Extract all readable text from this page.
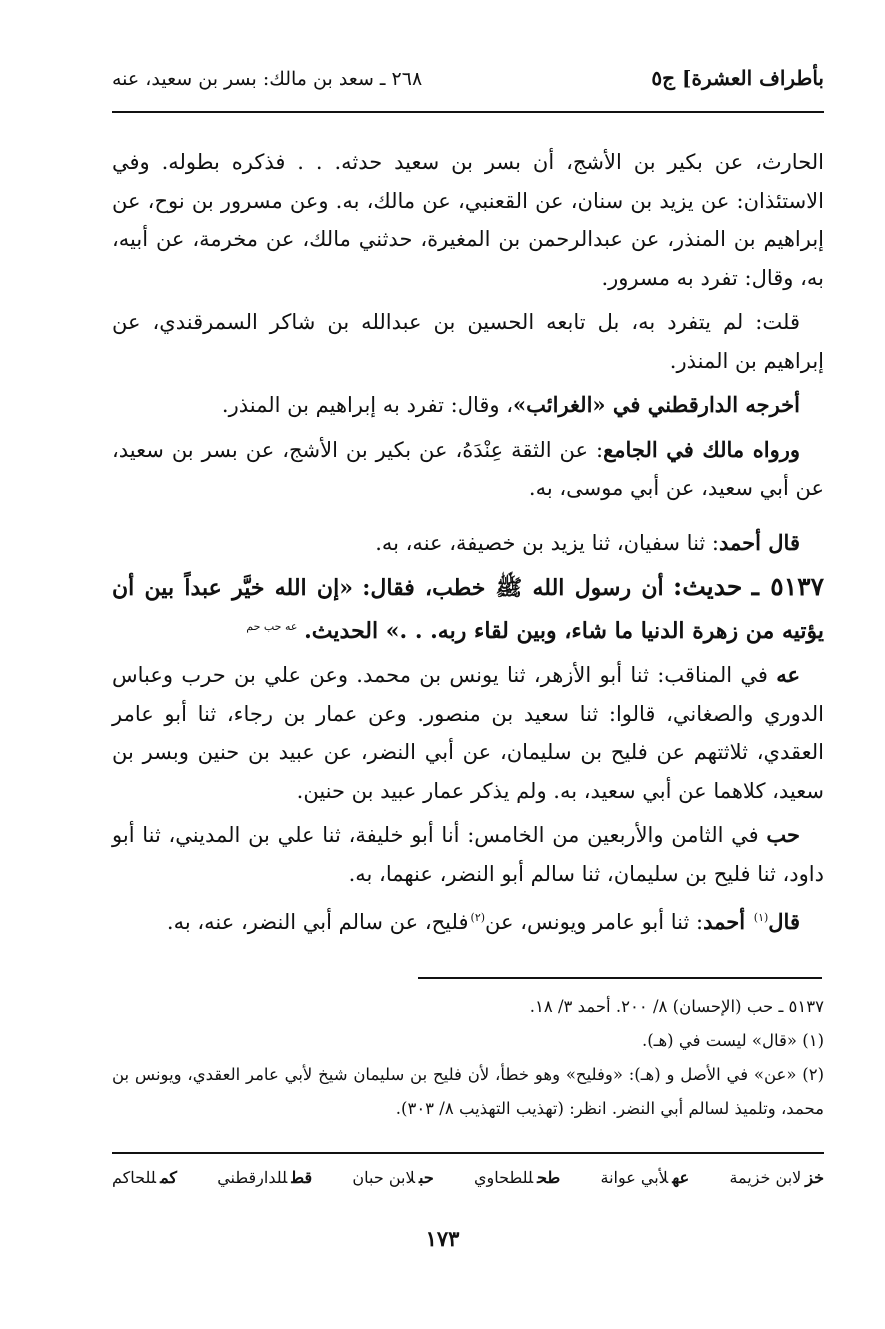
بأطراف العشرة] ج٥
٢٦٨ ـ سعد بن مالك: بسر بن سعيد، عنه

الحارث، عن بكير بن الأشج، أن بسر بن سعيد حدثه. . . فذكره بطوله. وفي الاستئذان: عن يزيد بن سنان، عن القعنبي، عن مالك، به. وعن مسرور بن نوح، عن إبراهيم بن المنذر، عن عبدالرحمن بن المغيرة، حدثني مالك، عن مخرمة، عن أبيه، به، وقال: تفرد به مسرور.

قلت: لم يتفرد به، بل تابعه الحسين بن عبدالله بن شاكر السمرقندي، عن إبراهيم بن المنذر.

أخرجه الدارقطني في «الغرائب»، وقال: تفرد به إبراهيم بن المنذر.

ورواه مالك في الجامع: عن الثقة عِنْدَهُ، عن بكير بن الأشج، عن بسر بن سعيد، عن أبي سعيد، عن أبي موسى، به.

قال أحمد: ثنا سفيان، ثنا يزيد بن خصيفة، عنه، به.

٥١٣٧ ـ حديث: أن رسول الله ﷺ خطب، فقال: «إن الله خيَّر عبداً بين أن يؤتيه من زهرة الدنيا ما شاء، وبين لقاء ربه. . .» الحديث. $^{عه حب حم}$

عه في المناقب: ثنا أبو الأزهر، ثنا يونس بن محمد. وعن علي بن حرب وعباس الدوري والصغاني، قالوا: ثنا سعيد بن منصور. وعن عمار بن رجاء، ثنا أبو عامر العقدي، ثلاثتهم عن فليح بن سليمان، عن أبي النضر، عن عبيد بن حنين وبسر بن سعيد، كلاهما عن أبي سعيد، به. ولم يذكر عمار عبيد بن حنين.

حب في الثامن والأربعين من الخامس: أنا أبو خليفة، ثنا علي بن المديني، ثنا أبو داود، ثنا فليح بن سليمان، ثنا سالم أبو النضر، عنهما، به.

قال$^{(١)}$ أحمد: ثنا أبو عامر ويونس، عن$^{(٢)}$فليح، عن سالم أبي النضر، عنه، به.

٥١٣٧ ـ حب (الإحسان) ٨/ ٢٠٠. أحمد ٣/ ١٨.

(١) «قال» ليست في (هـ).

(٢) «عن» في الأصل و (هـ): «وفليح» وهو خطأ، لأن فليح بن سليمان شيخ لأبي عامر العقدي، ويونس بن محمد، وتلميذ لسالم أبي النضر. انظر: (تهذيب التهذيب ٨/ ٣٠٣).

خزلابن خزيمة
عهلأبي عوانة
طحللطحاوي
حبلابن حبان
قطللدارقطني
كمللحاكم
١٧٣
